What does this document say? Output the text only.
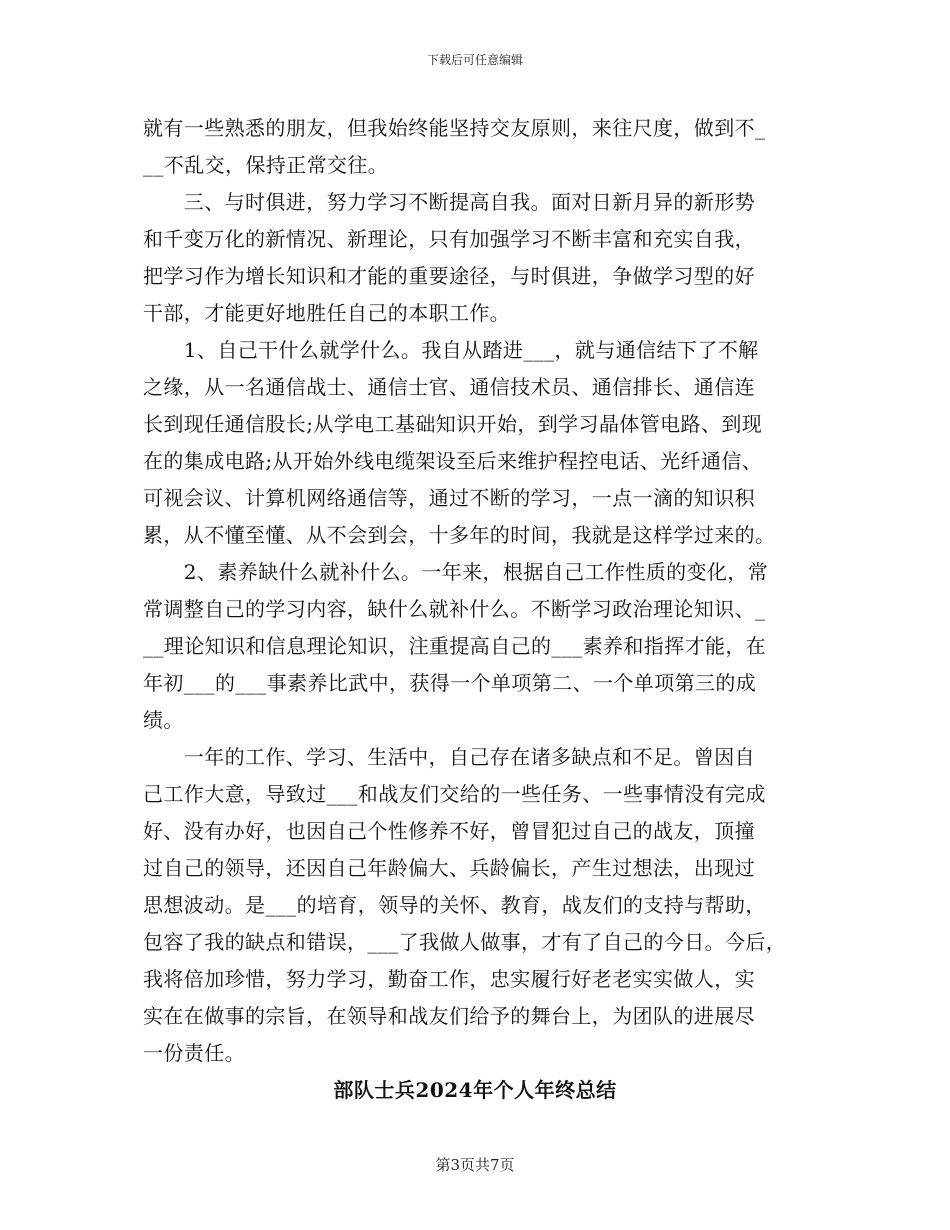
下载后可任意编辑
就有一些熟悉的朋友，但我始终能坚持交友原则，来往尺度，做到不_
__不乱交，保持正常交往。
　　三、与时俱进，努力学习不断提高自我。面对日新月异的新形势
和千变万化的新情况、新理论，只有加强学习不断丰富和充实自我，
把学习作为增长知识和才能的重要途径，与时俱进，争做学习型的好
干部，才能更好地胜任自己的本职工作。
　　1、自己干什么就学什么。我自从踏进___，就与通信结下了不解
之缘，从一名通信战士、通信士官、通信技术员、通信排长、通信连
长到现任通信股长;从学电工基础知识开始，到学习晶体管电路、到现
在的集成电路;从开始外线电缆架设至后来维护程控电话、光纤通信、
可视会议、计算机网络通信等，通过不断的学习，一点一滴的知识积
累，从不懂至懂、从不会到会，十多年的时间，我就是这样学过来的。
　　2、素养缺什么就补什么。一年来，根据自己工作性质的变化，常
常调整自己的学习内容，缺什么就补什么。不断学习政治理论知识、_
__理论知识和信息理论知识，注重提高自己的___素养和指挥才能，在
年初___的___事素养比武中，获得一个单项第二、一个单项第三的成
绩。
　　一年的工作、学习、生活中，自己存在诸多缺点和不足。曾因自
己工作大意，导致过___和战友们交给的一些任务、一些事情没有完成
好、没有办好，也因自己个性修养不好，曾冒犯过自己的战友，顶撞
过自己的领导，还因自己年龄偏大、兵龄偏长，产生过想法，出现过
思想波动。是___的培育，领导的关怀、教育，战友们的支持与帮助，
包容了我的缺点和错误，___了我做人做事，才有了自己的今日。今后，
我将倍加珍惜，努力学习，勤奋工作，忠实履行好老老实实做人，实
实在在做事的宗旨，在领导和战友们给予的舞台上，为团队的进展尽
一份责任。
部队士兵2024年个人年终总结
第3页共7页
